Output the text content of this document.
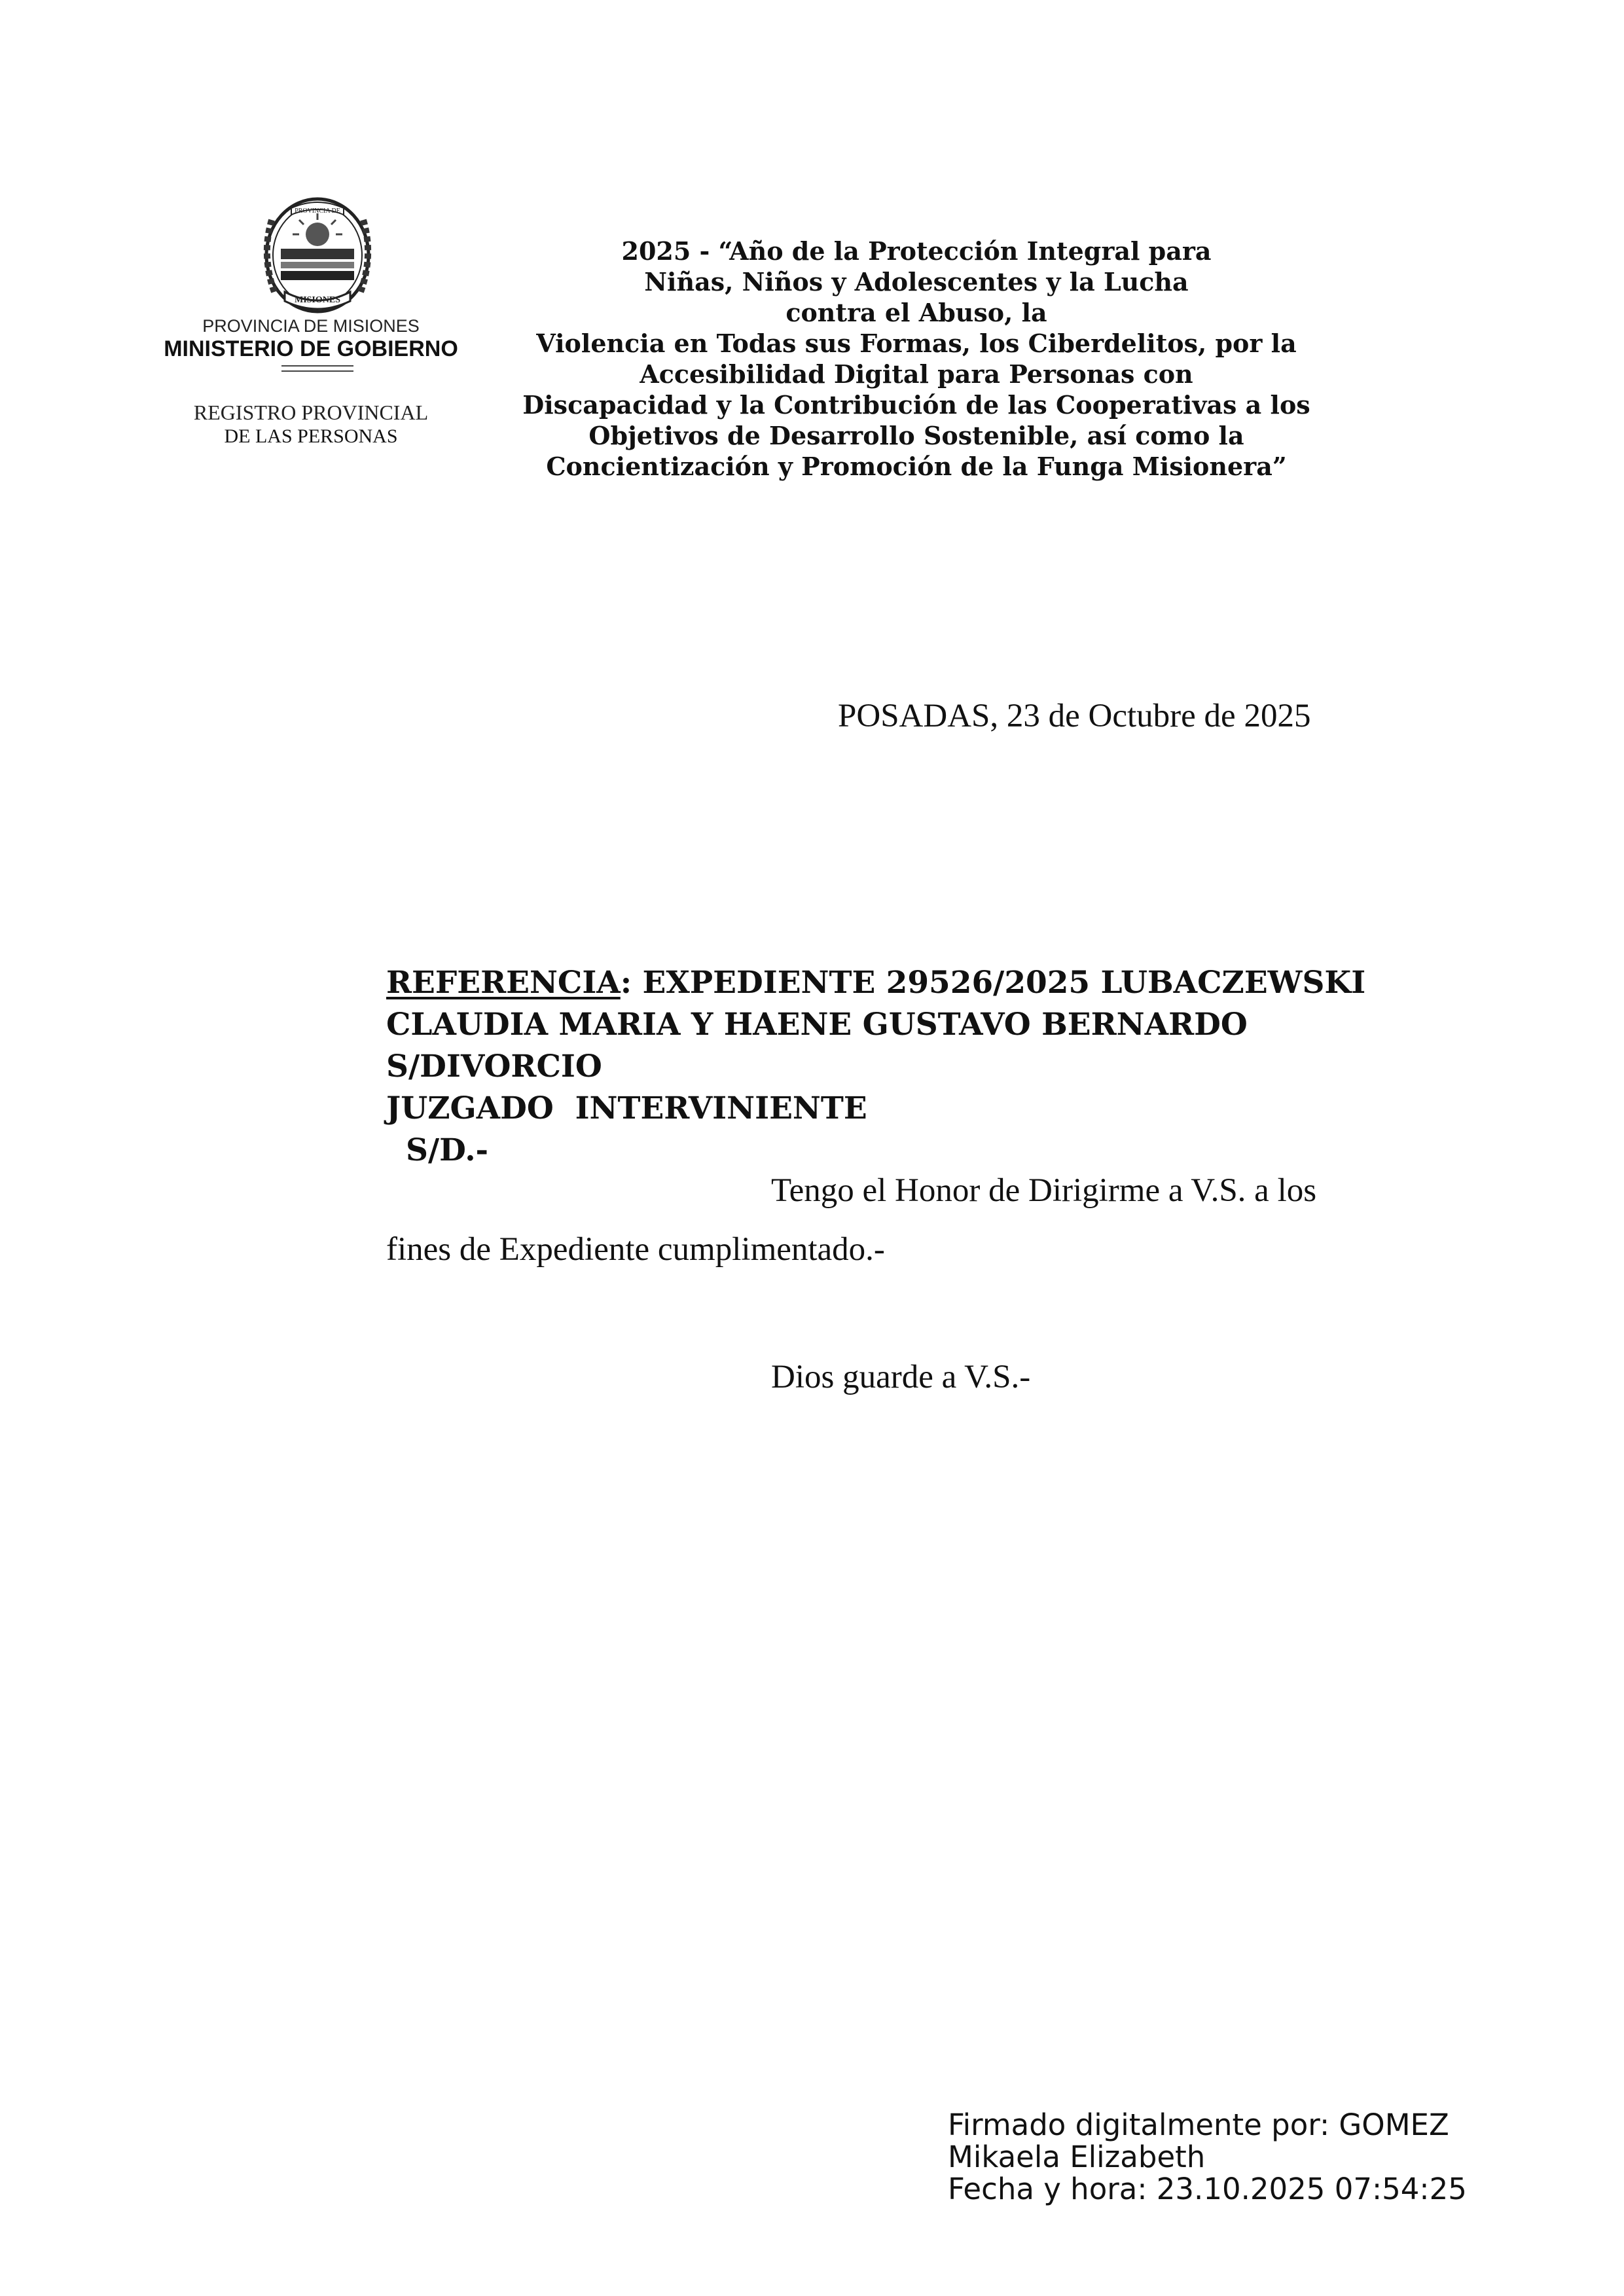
PROVINCIA DE
MISIONES
PROVINCIA DE MISIONES
MINISTERIO DE GOBIERNO
REGISTRO PROVINCIAL
DE LAS PERSONAS
2025 - “Año de la Protección Integral para
Niñas, Niños y Adolescentes y la Lucha
contra el Abuso, la
Violencia en Todas sus Formas, los Ciberdelitos, por la
Accesibilidad Digital para Personas con
Discapacidad y la Contribución de las Cooperativas a los
Objetivos de Desarrollo Sostenible, así como la
Concientización y Promoción de la Funga Misionera”
POSADAS, 23 de Octubre de 2025
REFERENCIA: EXPEDIENTE 29526/2025 LUBACZEWSKI
CLAUDIA MARIA Y HAENE GUSTAVO BERNARDO
S/DIVORCIO
JUZGADO  INTERVINIENTE
S/D.-
Tengo el Honor de Dirigirme a V.S. a los
fines de Expediente cumplimentado.-
Dios guarde a V.S.-
Firmado digitalmente por: GOMEZ
Mikaela Elizabeth
Fecha y hora: 23.10.2025 07:54:25
